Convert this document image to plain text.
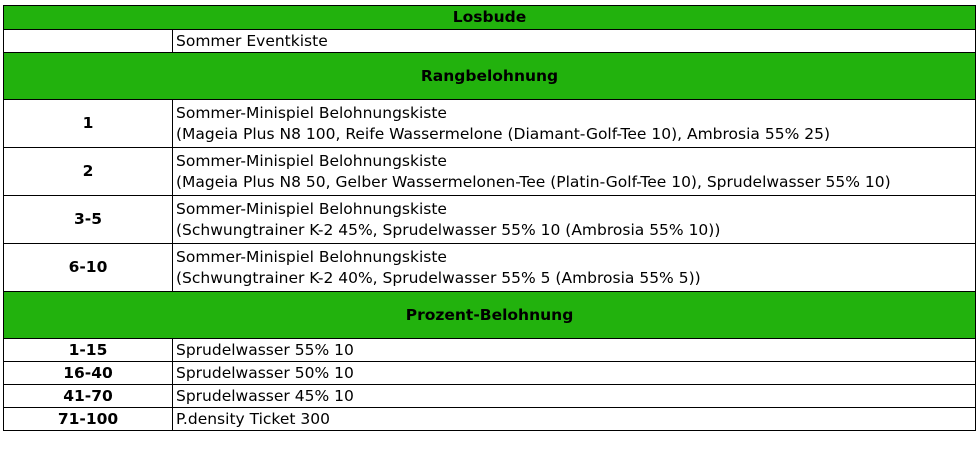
Losbude	
	Sommer Eventkiste
Rangbelohnung	
1	Sommer-Minispiel Belohnungskiste
(Mageia Plus N8 100, Reife Wassermelone (Diamant-Golf-Tee 10), Ambrosia 55% 25)

2	Sommer-Minispiel Belohnungskiste
(Mageia Plus N8 50, Gelber Wassermelonen-Tee (Platin-Golf-Tee 10), Sprudelwasser 55% 10)

3-5	Sommer-Minispiel Belohnungskiste
(Schwungtrainer K-2 45%, Sprudelwasser 55% 10 (Ambrosia 55% 10))

6-10	Sommer-Minispiel Belohnungskiste
(Schwungtrainer K-2 40%, Sprudelwasser 55% 5 (Ambrosia 55% 5))

Prozent-Belohnung	
1-15	Sprudelwasser 55% 10
16-40	Sprudelwasser 50% 10
41-70	Sprudelwasser 45% 10
71-100	P.density Ticket 300
